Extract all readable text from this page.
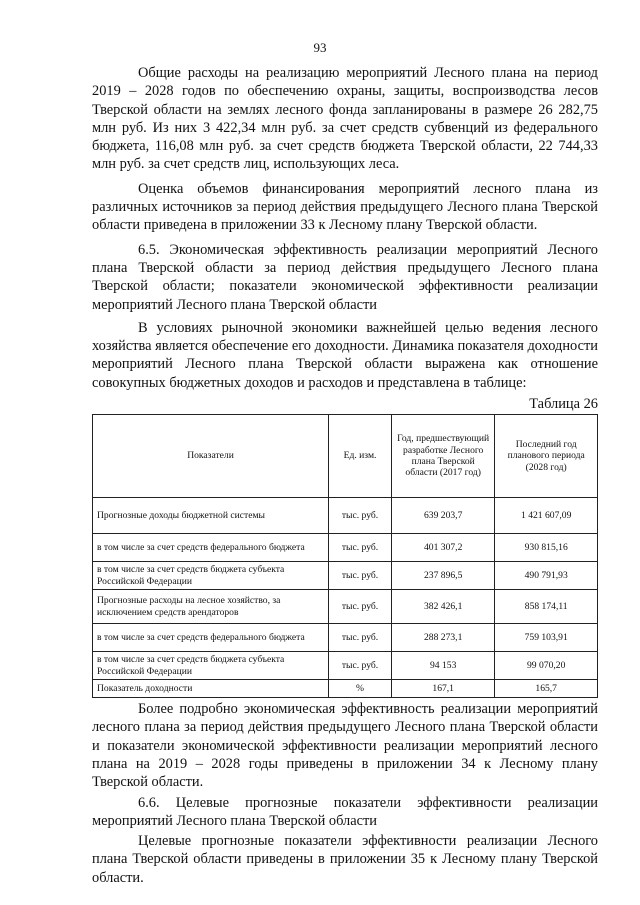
93

Общие расходы на реализацию мероприятий Лесного плана на период 2019 – 2028 годов по обеспечению охраны, защиты, воспроизводства лесов Тверской области на землях лесного фонда запланированы в размере 26 282,75 млн руб. Из них 3 422,34 млн руб. за счет средств субвенций из федерального бюджета, 116,08 млн руб. за счет средств бюджета Тверской области, 22 744,33 млн руб. за счет средств лиц, использующих леса.

Оценка объемов финансирования мероприятий лесного плана из различных источников за период действия предыдущего Лесного плана Тверской области приведена в приложении 33 к Лесному плану Тверской области.

6.5. Экономическая эффективность реализации мероприятий Лесного плана Тверской области за период действия предыдущего Лесного плана Тверской области; показатели экономической эффективности реализации мероприятий Лесного плана Тверской области

В условиях рыночной экономики важнейшей целью ведения лесного хозяйства является обеспечение его доходности. Динамика показателя доходности мероприятий Лесного плана Тверской области выражена как отношение совокупных бюджетных доходов и расходов и представлена в таблице:

Таблица 26
Показатели	Ед. изм.	Год, предшествующий разработке Лесного плана Тверской области (2017 год)	Последний год планового периода (2028 год)
Прогнозные доходы бюджетной системы	тыс. руб.	639 203,7	1 421 607,09
в том числе за счет средств федерального бюджета	тыс. руб.	401 307,2	930 815,16
в том числе за счет средств бюджета субъекта Российской Федерации	тыс. руб.	237 896,5	490 791,93
Прогнозные расходы на лесное хозяйство, за исключением средств арендаторов	тыс. руб.	382 426,1	858 174,11
в том числе за счет средств федерального бюджета	тыс. руб.	288 273,1	759 103,91
в том числе за счет средств бюджета субъекта Российской Федерации	тыс. руб.	94 153	99 070,20
Показатель доходности	%	167,1	165,7

Более подробно экономическая эффективность реализации мероприятий лесного плана за период действия предыдущего Лесного плана Тверской области и показатели экономической эффективности реализации мероприятий лесного плана на 2019 – 2028 годы приведены в приложении 34 к Лесному плану Тверской области.

6.6. Целевые прогнозные показатели эффективности реализации мероприятий Лесного плана Тверской области

Целевые прогнозные показатели эффективности реализации Лесного плана Тверской области приведены в приложении 35 к Лесному плану Тверской области.
